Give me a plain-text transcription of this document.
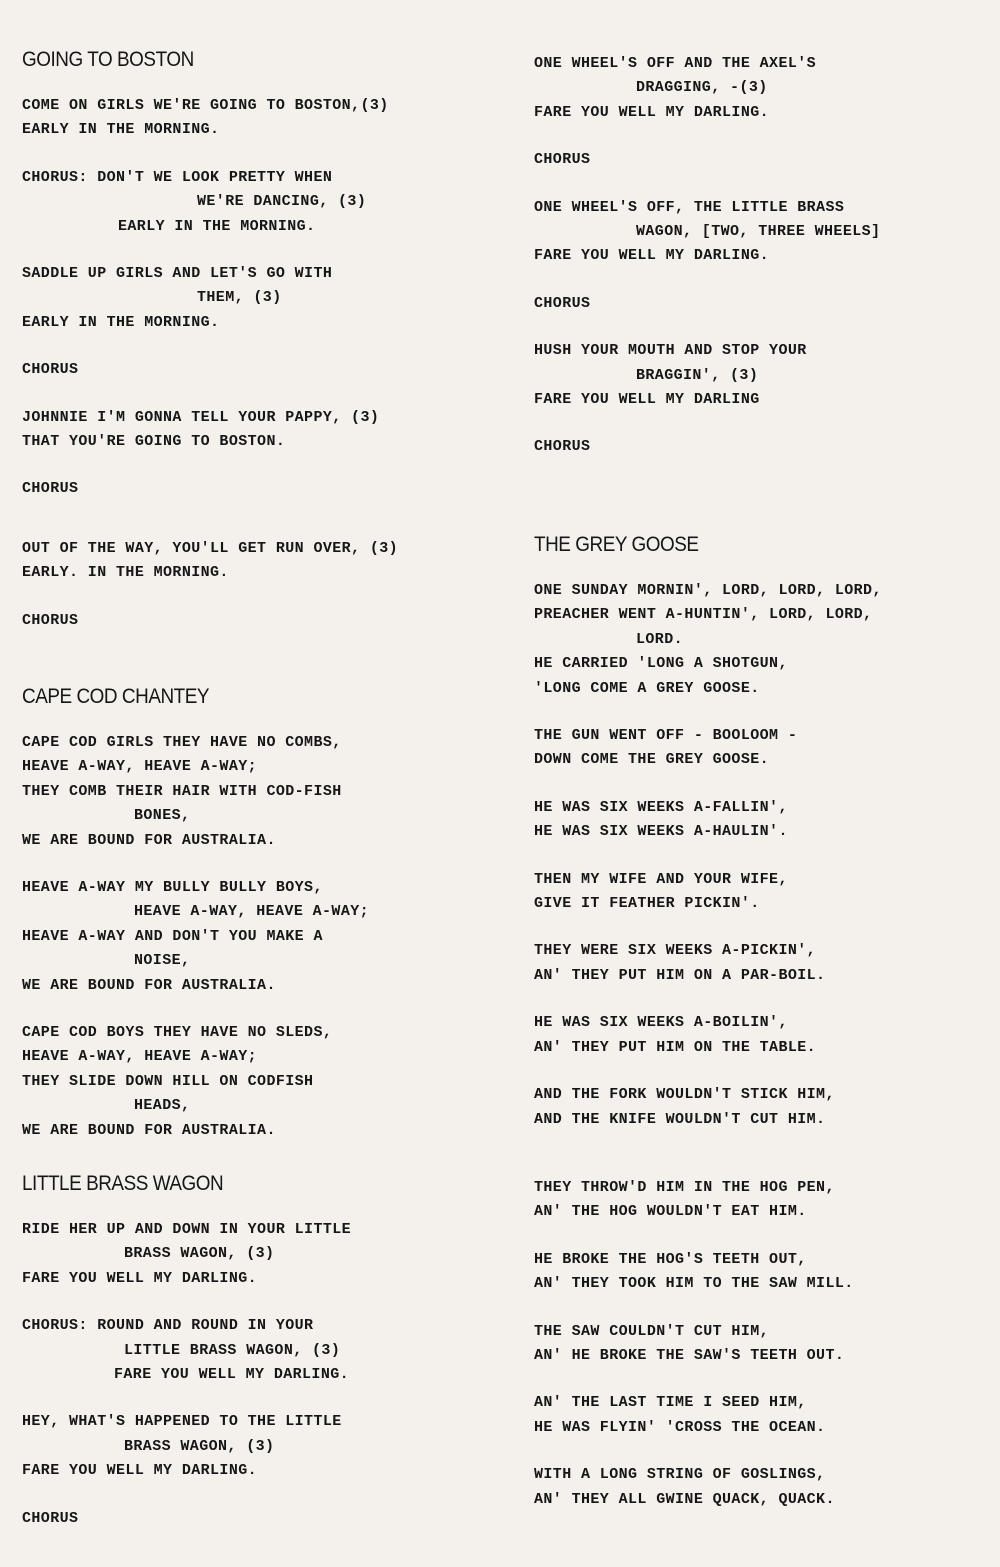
GOING TO BOSTON
COME ON GIRLS WE'RE GOING TO BOSTON,(3)
EARLY IN THE MORNING.
CHORUS: DON'T WE LOOK PRETTY WHEN
WE'RE DANCING, (3)
EARLY IN THE MORNING.
SADDLE UP GIRLS AND LET'S GO WITH
THEM, (3)
EARLY IN THE MORNING.
CHORUS
JOHNNIE I'M GONNA TELL YOUR PAPPY, (3)
THAT YOU'RE GOING TO BOSTON.
CHORUS
OUT OF THE WAY, YOU'LL GET RUN OVER, (3)
EARLY. IN THE MORNING.
CHORUS
CAPE COD CHANTEY
CAPE COD GIRLS THEY HAVE NO COMBS,
HEAVE A-WAY, HEAVE A-WAY;
THEY COMB THEIR HAIR WITH COD-FISH
BONES,
WE ARE BOUND FOR AUSTRALIA.
HEAVE A-WAY MY BULLY BULLY BOYS,
HEAVE A-WAY, HEAVE A-WAY;
HEAVE A-WAY AND DON'T YOU MAKE A
NOISE,
WE ARE BOUND FOR AUSTRALIA.
CAPE COD BOYS THEY HAVE NO SLEDS,
HEAVE A-WAY, HEAVE A-WAY;
THEY SLIDE DOWN HILL ON CODFISH
HEADS,
WE ARE BOUND FOR AUSTRALIA.
LITTLE BRASS WAGON
RIDE HER UP AND DOWN IN YOUR LITTLE
BRASS WAGON, (3)
FARE YOU WELL MY DARLING.
CHORUS: ROUND AND ROUND IN YOUR
LITTLE BRASS WAGON, (3)
FARE YOU WELL MY DARLING.
HEY, WHAT'S HAPPENED TO THE LITTLE
BRASS WAGON, (3)
FARE YOU WELL MY DARLING.
CHORUS
ONE WHEEL'S OFF AND THE AXEL'S
DRAGGING, -(3)
FARE YOU WELL MY DARLING.
CHORUS
ONE WHEEL'S OFF, THE LITTLE BRASS
WAGON, [TWO, THREE WHEELS]
FARE YOU WELL MY DARLING.
CHORUS
HUSH YOUR MOUTH AND STOP YOUR
BRAGGIN', (3)
FARE YOU WELL MY DARLING
CHORUS
THE GREY GOOSE
ONE SUNDAY MORNIN', LORD, LORD, LORD,
PREACHER WENT A-HUNTIN', LORD, LORD,
LORD.
HE CARRIED 'LONG A SHOTGUN,
'LONG COME A GREY GOOSE.
THE GUN WENT OFF - BOOLOOM -
DOWN COME THE GREY GOOSE.
HE WAS SIX WEEKS A-FALLIN',
HE WAS SIX WEEKS A-HAULIN'.
THEN MY WIFE AND YOUR WIFE,
GIVE IT FEATHER PICKIN'.
THEY WERE SIX WEEKS A-PICKIN',
AN' THEY PUT HIM ON A PAR-BOIL.
HE WAS SIX WEEKS A-BOILIN',
AN' THEY PUT HIM ON THE TABLE.
AND THE FORK WOULDN'T STICK HIM,
AND THE KNIFE WOULDN'T CUT HIM.
THEY THROW'D HIM IN THE HOG PEN,
AN' THE HOG WOULDN'T EAT HIM.
HE BROKE THE HOG'S TEETH OUT,
AN' THEY TOOK HIM TO THE SAW MILL.
THE SAW COULDN'T CUT HIM,
AN' HE BROKE THE SAW'S TEETH OUT.
AN' THE LAST TIME I SEED HIM,
HE WAS FLYIN' 'CROSS THE OCEAN.
WITH A LONG STRING OF GOSLINGS,
AN' THEY ALL GWINE QUACK, QUACK.
